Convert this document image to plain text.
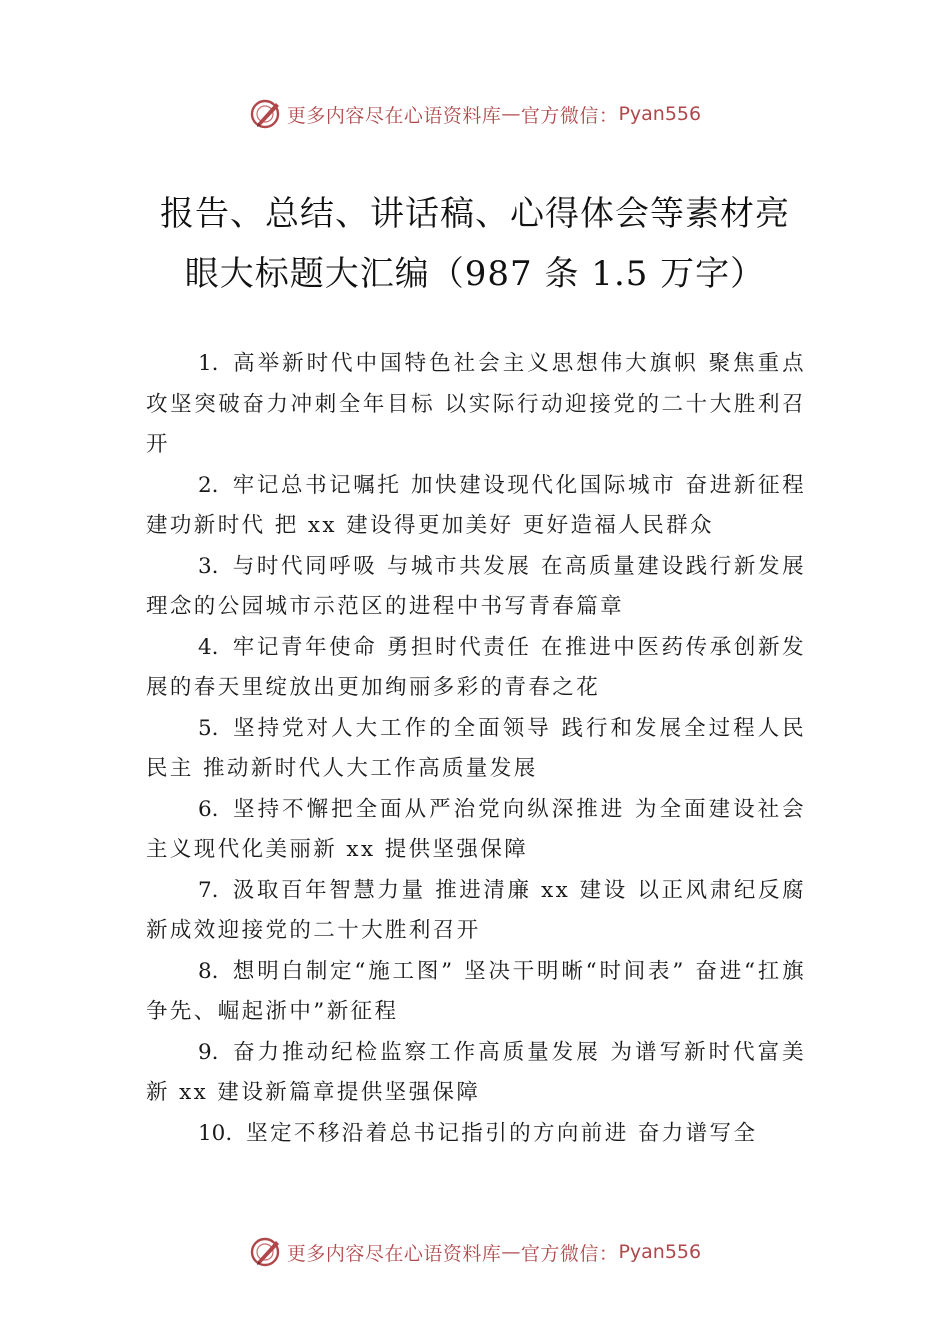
更多内容尽在心语资料库 — 官方微信： Pyan556
报告、总结、讲话稿、心得体会等素材亮
眼大标题大汇编（987 条 1.5 万字）

1. 高举新时代中国特色社会主义思想伟大旗帜 聚焦重点攻坚突破奋力冲刺全年目标 以实际行动迎接党的二十大胜利召开

2. 牢记总书记嘱托 加快建设现代化国际城市 奋进新征程建功新时代 把 xx 建设得更加美好 更好造福人民群众

3. 与时代同呼吸 与城市共发展 在高质量建设践行新发展理念的公园城市示范区的进程中书写青春篇章

4. 牢记青年使命 勇担时代责任 在推进中医药传承创新发展的春天里绽放出更加绚丽多彩的青春之花

5. 坚持党对人大工作的全面领导 践行和发展全过程人民民主 推动新时代人大工作高质量发展

6. 坚持不懈把全面从严治党向纵深推进 为全面建设社会主义现代化美丽新 xx 提供坚强保障

7. 汲取百年智慧力量 推进清廉 xx 建设 以正风肃纪反腐新成效迎接党的二十大胜利召开

8. 想明白制定“施工图” 坚决干明晰“时间表” 奋进“扛旗争先、崛起浙中”新征程

9. 奋力推动纪检监察工作高质量发展 为谱写新时代富美新 xx 建设新篇章提供坚强保障

10. 坚定不移沿着总书记指引的方向前进 奋力谱写全

更多内容尽在心语资料库 — 官方微信： Pyan556
